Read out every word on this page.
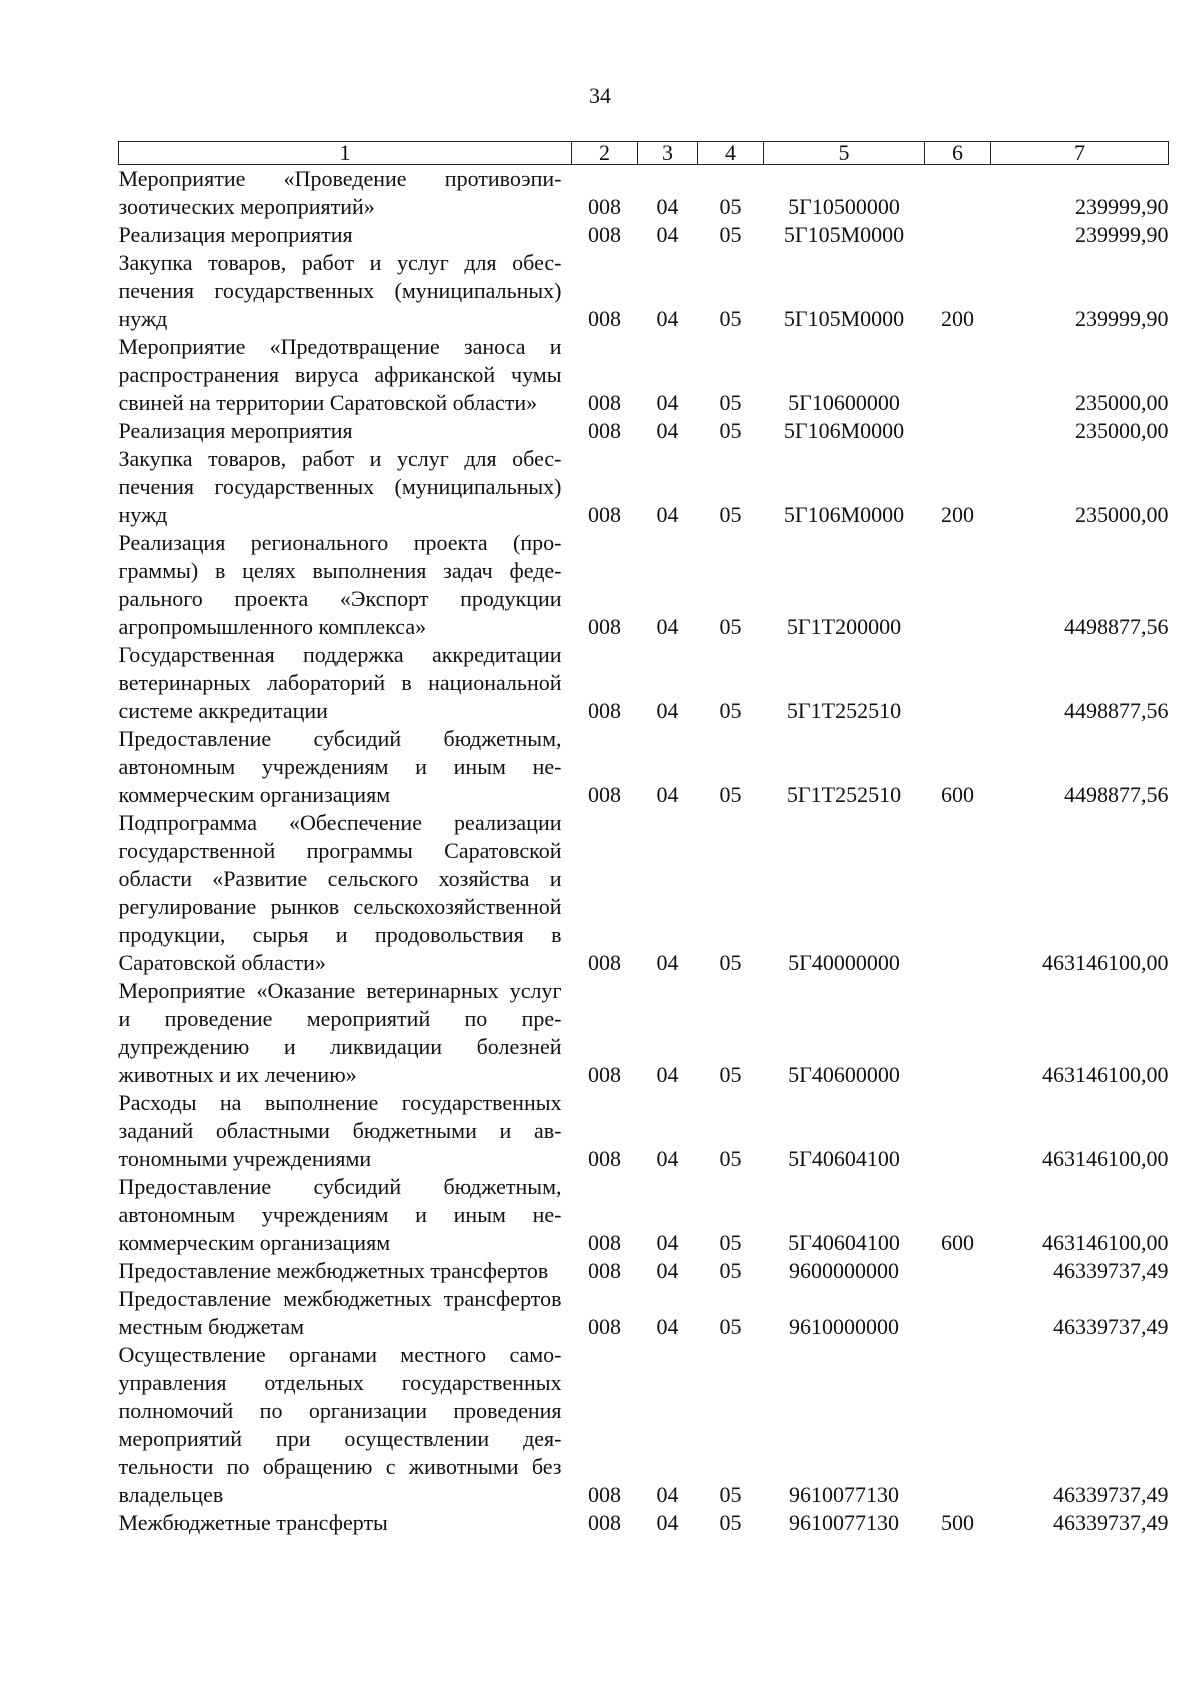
34
1	2	3	4	5	6	7
Мероприятие «Проведение противоэпизоотических мероприятий»	008	04	05	5Г10500000		239999,90
Реализация мероприятия	008	04	05	5Г105М0000		239999,90
Закупка товаров, работ и услуг для обеспечения государственных (муниципальных) нужд	008	04	05	5Г105М0000	200	239999,90
Мероприятие «Предотвращение заноса и распространения вируса африканской чумы свиней на территории Саратовской области»	008	04	05	5Г10600000		235000,00
Реализация мероприятия	008	04	05	5Г106М0000		235000,00
Закупка товаров, работ и услуг для обеспечения государственных (муниципальных) нужд	008	04	05	5Г106М0000	200	235000,00
Реализация регионального проекта (программы) в целях выполнения задач федерального проекта «Экспорт продукции агропромышленного комплекса»	008	04	05	5Г1Т200000		4498877,56
Государственная поддержка аккредитации ветеринарных лабораторий в национальной системе аккредитации	008	04	05	5Г1Т252510		4498877,56
Предоставление субсидий бюджетным, автономным учреждениям и иным некоммерческим организациям	008	04	05	5Г1Т252510	600	4498877,56
Подпрограмма «Обеспечение реализации государственной программы Саратовской области «Развитие сельского хозяйства и регулирование рынков сельскохозяйственной продукции, сырья и продовольствия в Саратовской области»	008	04	05	5Г40000000		463146100,00
Мероприятие «Оказание ветеринарных услуг и проведение мероприятий по предупреждению и ликвидации болезней животных и их лечению»	008	04	05	5Г40600000		463146100,00
Расходы на выполнение государственных заданий областными бюджетными и автономными учреждениями	008	04	05	5Г40604100		463146100,00
Предоставление субсидий бюджетным, автономным учреждениям и иным некоммерческим организациям	008	04	05	5Г40604100	600	463146100,00
Предоставление межбюджетных трансфертов	008	04	05	9600000000		46339737,49
Предоставление межбюджетных трансфертов местным бюджетам	008	04	05	9610000000		46339737,49
Осуществление органами местного самоуправления отдельных государственных полномочий по организации проведения мероприятий при осуществлении деятельности по обращению с животными без владельцев	008	04	05	9610077130		46339737,49
Межбюджетные трансферты	008	04	05	9610077130	500	46339737,49
